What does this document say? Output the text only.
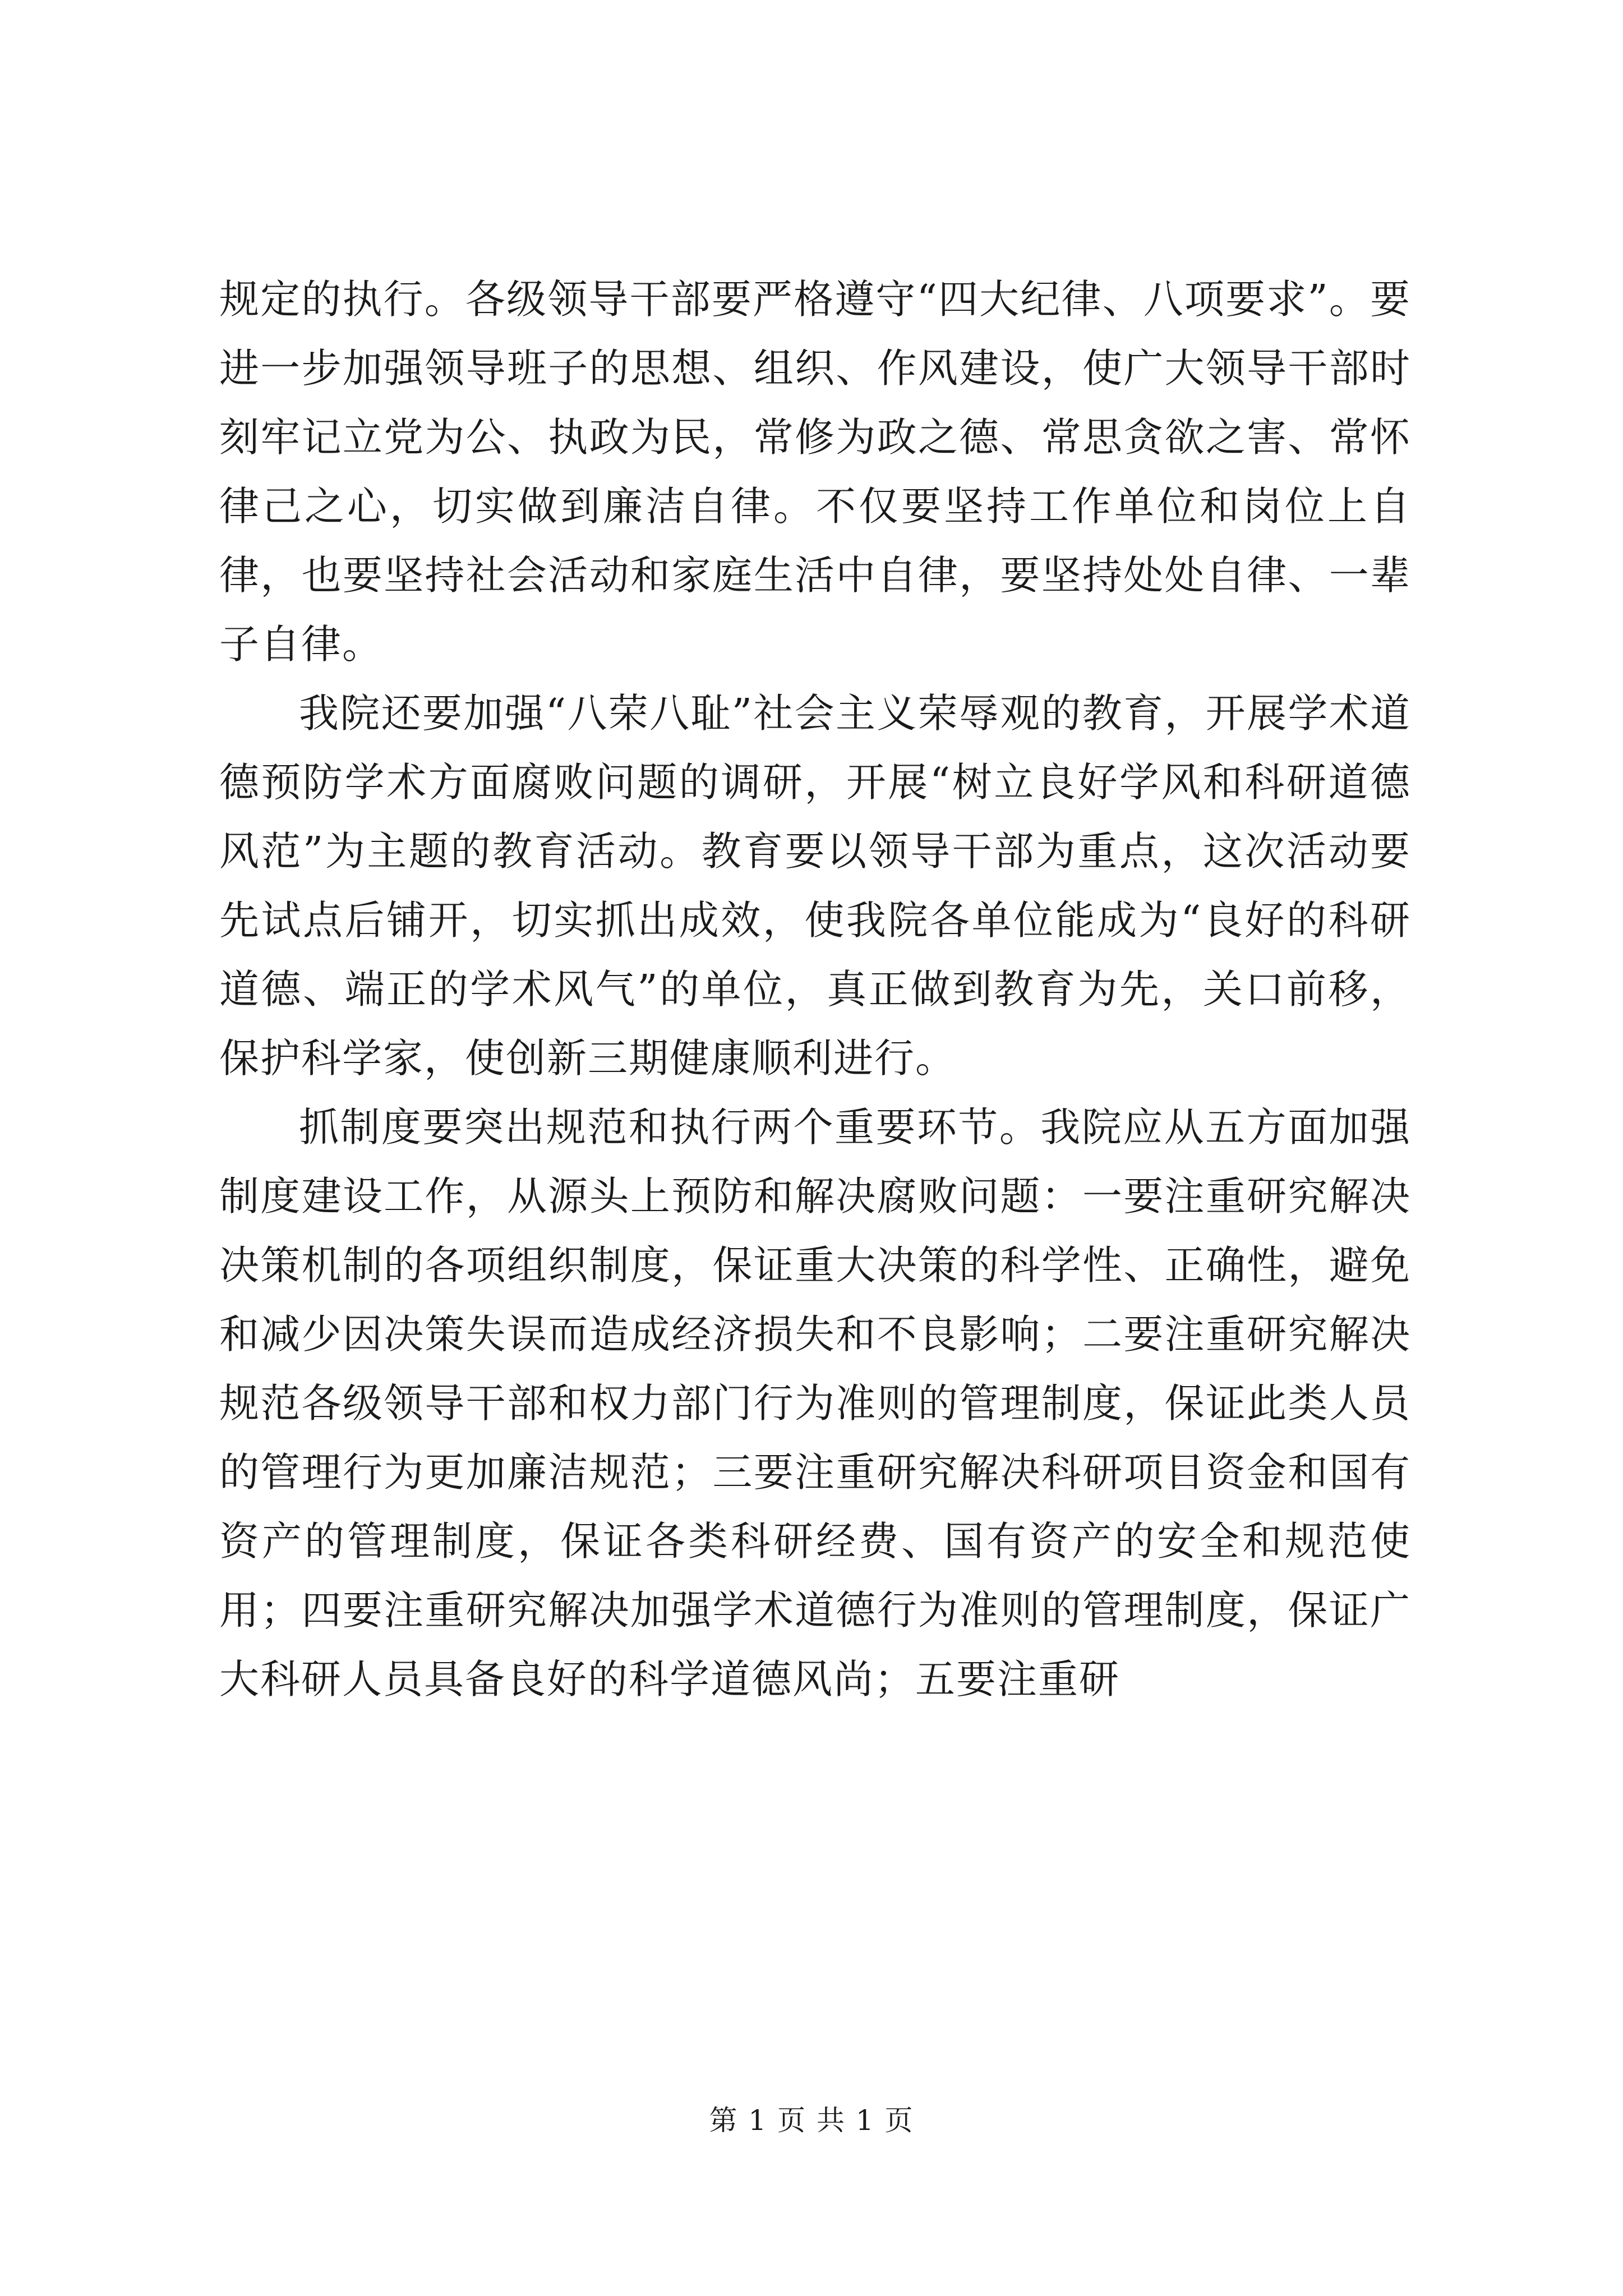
规定的执行。各级领导干部要严格遵守“四大纪律、八项要求”。要进一步加强领导班子的思想、组织、作风建设，使广大领导干部时刻牢记立党为公、执政为民，常修为政之德、常思贪欲之害、常怀律己之心，切实做到廉洁自律。不仅要坚持工作单位和岗位上自律，也要坚持社会活动和家庭生活中自律，要坚持处处自律、一辈子自律。

我院还要加强“八荣八耻”社会主义荣辱观的教育，开展学术道德预防学术方面腐败问题的调研，开展“树立良好学风和科研道德风范”为主题的教育活动。教育要以领导干部为重点，这次活动要先试点后铺开，切实抓出成效，使我院各单位能成为“良好的科研道德、端正的学术风气”的单位，真正做到教育为先，关口前移，保护科学家，使创新三期健康顺利进行。

抓制度要突出规范和执行两个重要环节。我院应从五方面加强制度建设工作，从源头上预防和解决腐败问题：一要注重研究解决决策机制的各项组织制度，保证重大决策的科学性、正确性，避免和减少因决策失误而造成经济损失和不良影响；二要注重研究解决规范各级领导干部和权力部门行为准则的管理制度，保证此类人员的管理行为更加廉洁规范；三要注重研究解决科研项目资金和国有资产的管理制度，保证各类科研经费、国有资产的安全和规范使用；四要注重研究解决加强学术道德行为准则的管理制度，保证广大科研人员具备良好的科学道德风尚；五要注重研

第 1 页 共 1 页
